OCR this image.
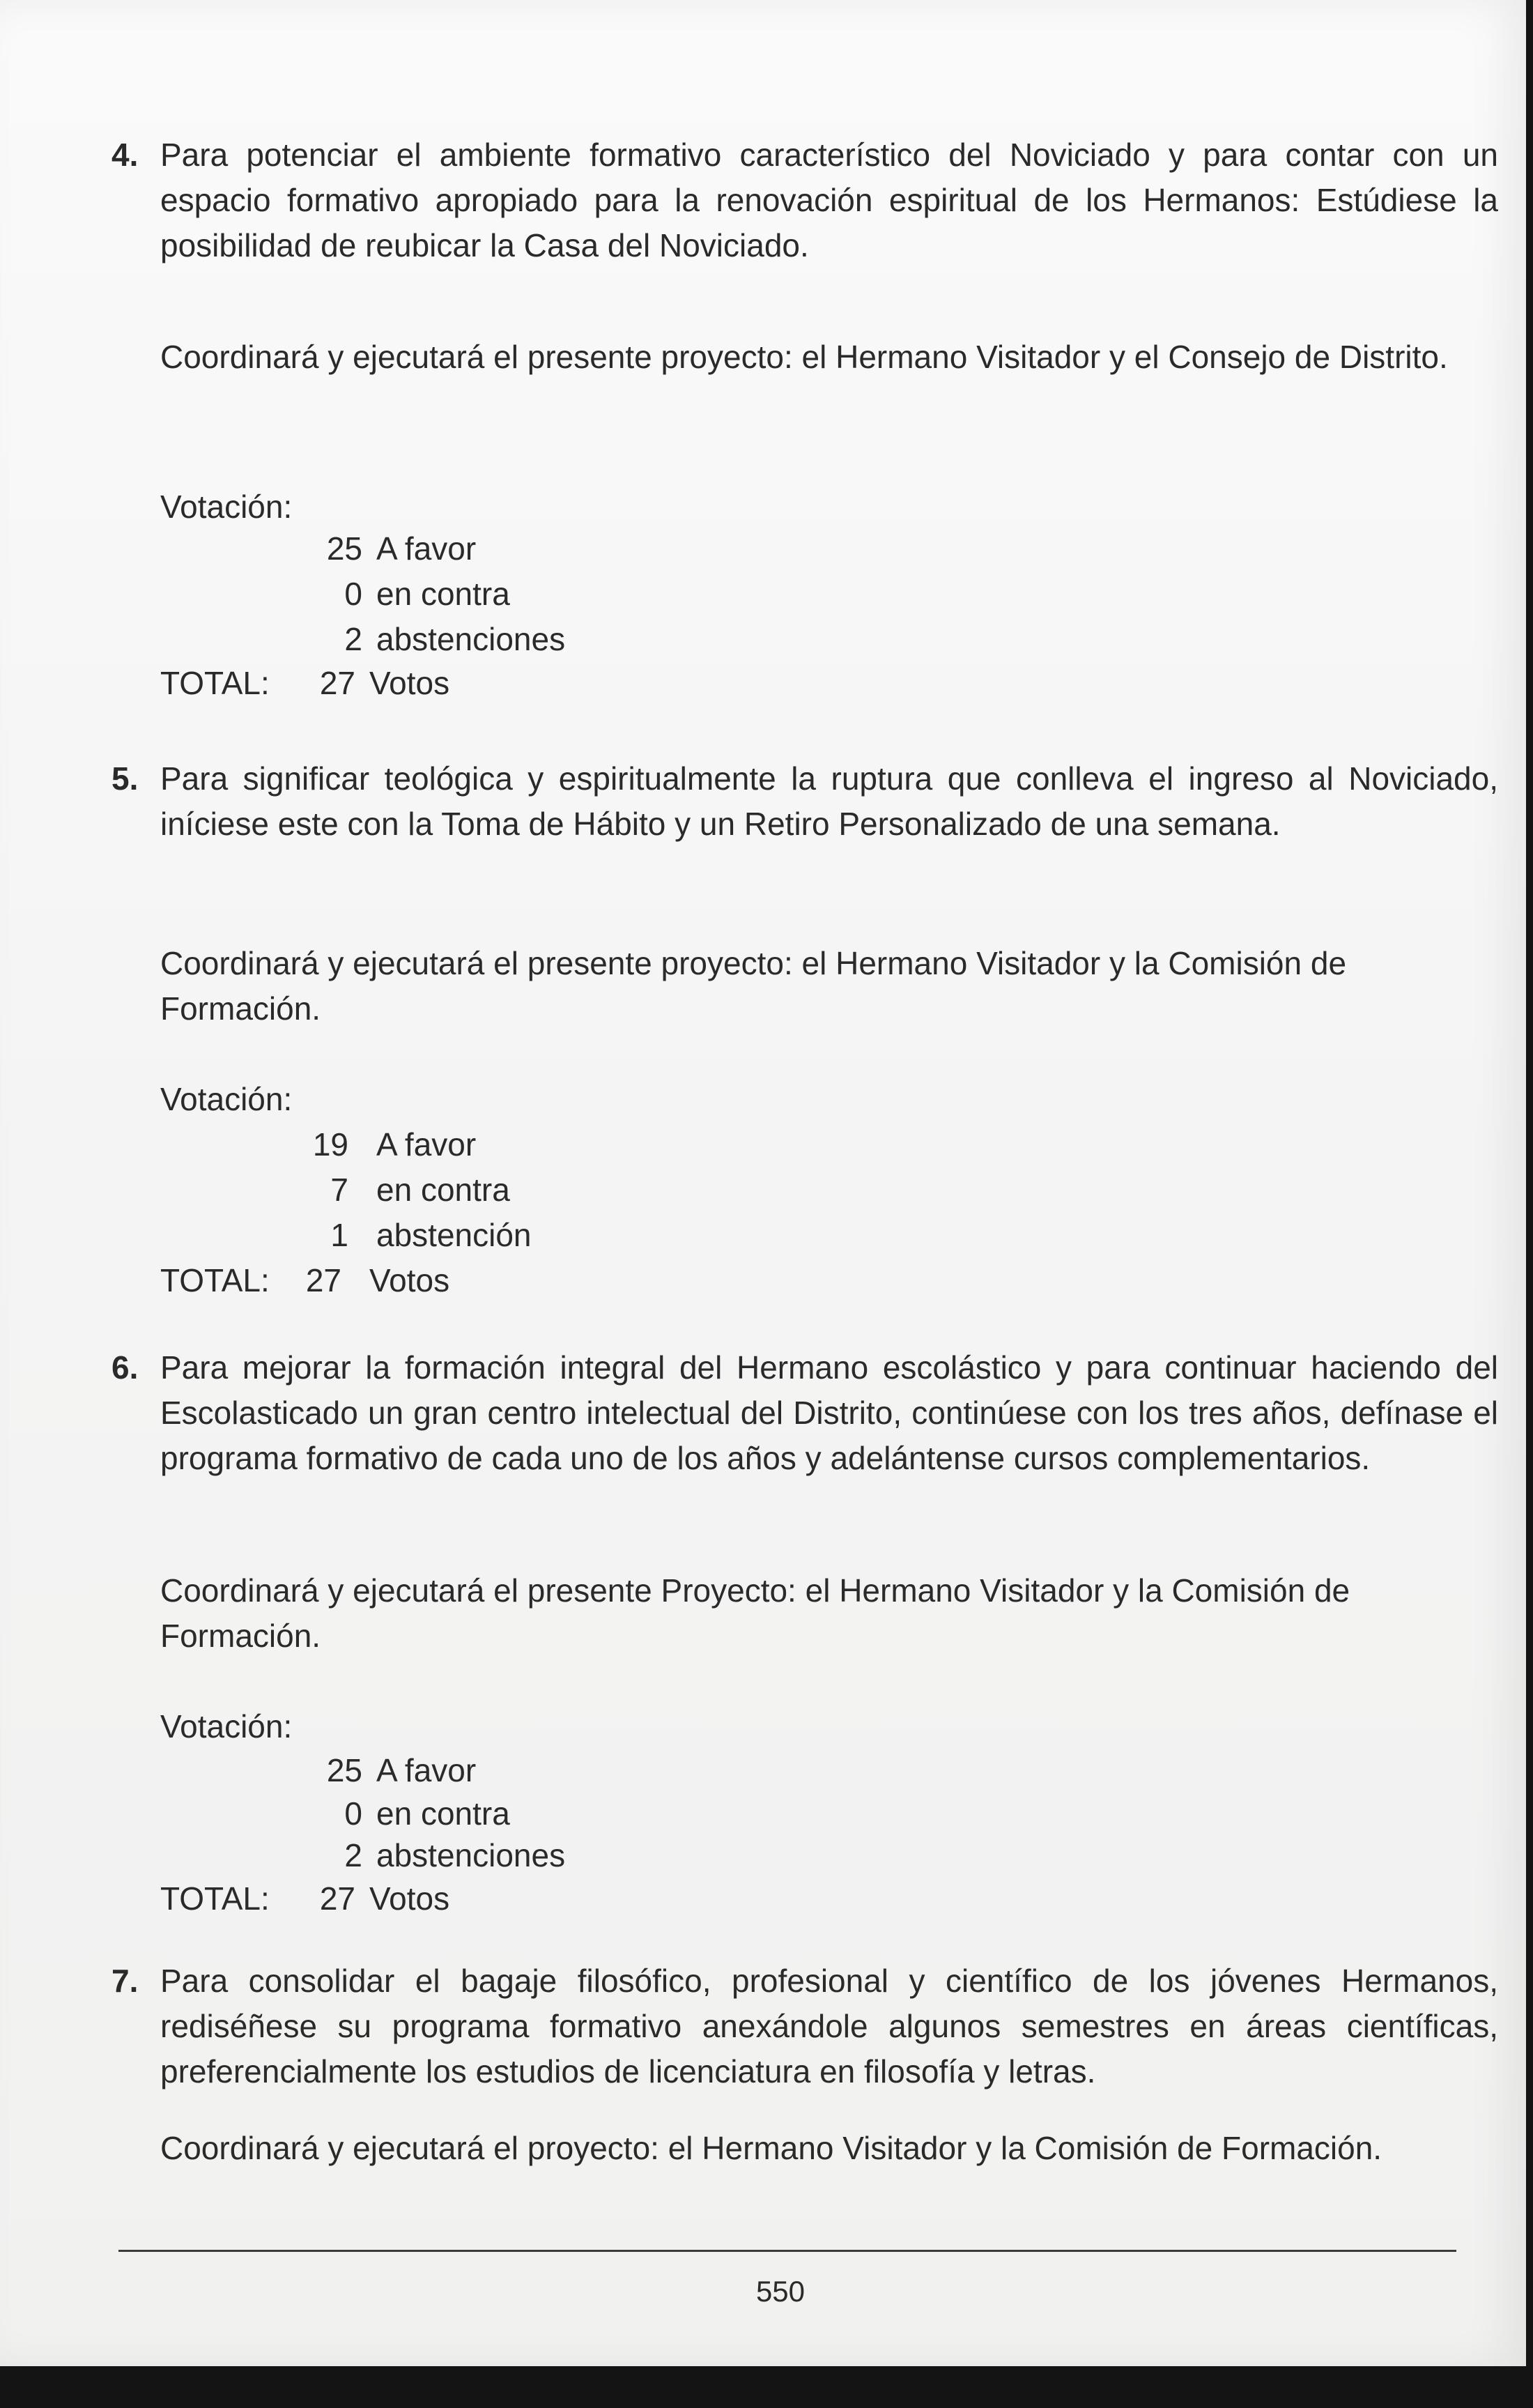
4. Para potenciar el ambiente formativo característico del Noviciado y para contar con un espacio formativo apropiado para la renovación espiritual de los Hermanos: Estúdiese la posibilidad de reubicar la Casa del Noviciado.

Coordinará y ejecutará el presente proyecto: el Hermano Visitador y el Consejo de Distrito.

Votación:
25 A favor
0 en contra
2 abstenciones
TOTAL:	27 Votos
5. Para significar teológica y espiritualmente la ruptura que conlleva el ingreso al Noviciado, iníciese este con la Toma de Hábito y un Retiro Personalizado de una semana.

Coordinará y ejecutará el presente proyecto: el Hermano Visitador y la Comisión de Formación.

Votación:
19 A favor
7 en contra
1 abstención
TOTAL:	27 Votos
6. Para mejorar la formación integral del Hermano escolástico y para continuar haciendo del Escolasticado un gran centro intelectual del Distrito, continúese con los tres años, defínase el programa formativo de cada uno de los años y adelántense cursos complementarios.

Coordinará y ejecutará el presente Proyecto: el Hermano Visitador y la Comisión de Formación.

Votación:
25 A favor
0 en contra
2 abstenciones
TOTAL:	27 Votos
7. Para consolidar el bagaje filosófico, profesional y científico de los jóvenes Hermanos, rediséñese su programa formativo anexándole algunos semestres en áreas científicas, preferencialmente los estudios de licenciatura en filosofía y letras.

Coordinará y ejecutará el proyecto: el Hermano Visitador y la Comisión de Formación.

550
